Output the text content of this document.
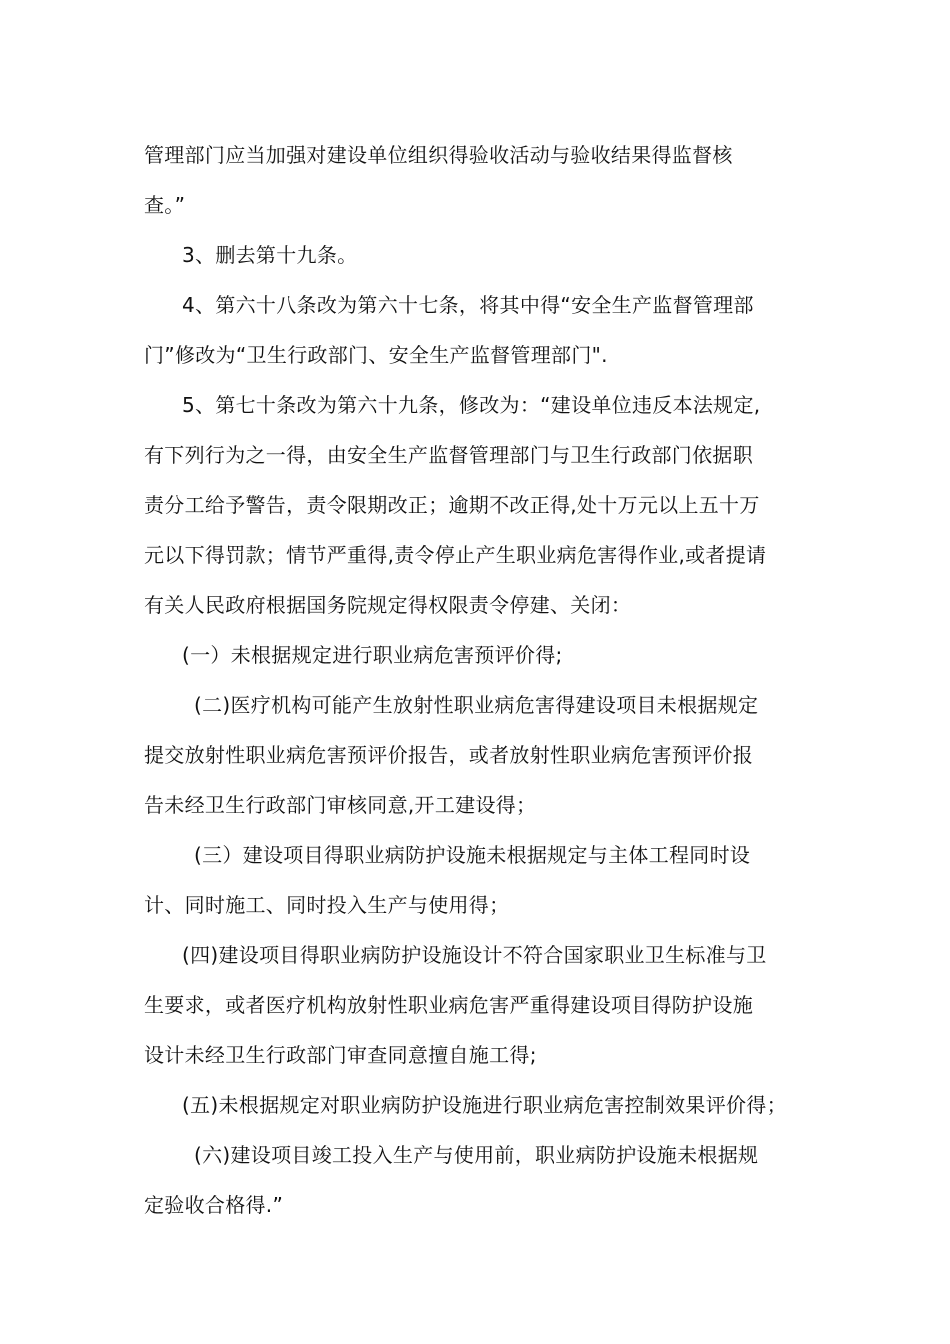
管理部门应当加强对建设单位组织得验收活动与验收结果得监督核
查。”
3、删去第十九条。
4、第六十八条改为第六十七条，将其中得“安全生产监督管理部
门”修改为“卫生行政部门、安全生产监督管理部门".
5、第七十条改为第六十九条，修改为：“建设单位违反本法规定,
有下列行为之一得，由安全生产监督管理部门与卫生行政部门依据职
责分工给予警告，责令限期改正；逾期不改正得,处十万元以上五十万
元以下得罚款；情节严重得,责令停止产生职业病危害得作业,或者提请
有关人民政府根据国务院规定得权限责令停建、关闭：
(一）未根据规定进行职业病危害预评价得;
(二)医疗机构可能产生放射性职业病危害得建设项目未根据规定
提交放射性职业病危害预评价报告，或者放射性职业病危害预评价报
告未经卫生行政部门审核同意,开工建设得；
(三）建设项目得职业病防护设施未根据规定与主体工程同时设
计、同时施工、同时投入生产与使用得；
(四)建设项目得职业病防护设施设计不符合国家职业卫生标准与卫
生要求，或者医疗机构放射性职业病危害严重得建设项目得防护设施
设计未经卫生行政部门审查同意擅自施工得;
(五)未根据规定对职业病防护设施进行职业病危害控制效果评价得；
(六)建设项目竣工投入生产与使用前，职业病防护设施未根据规
定验收合格得.”
